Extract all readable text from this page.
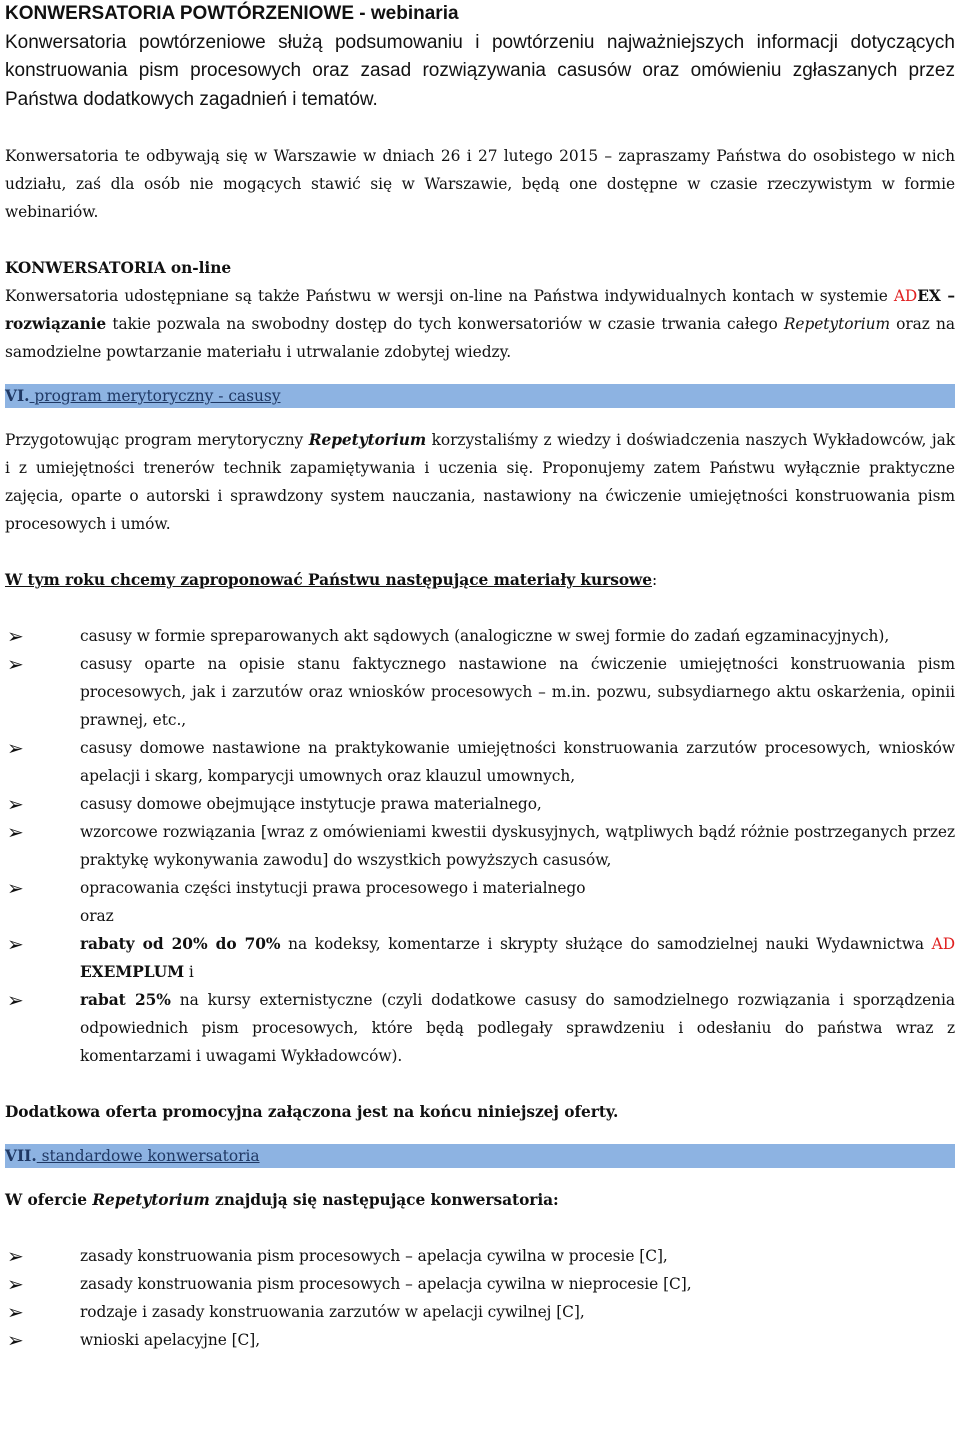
KONWERSATORIA POWTÓRZENIOWE - webinaria
Konwersatoria powtórzeniowe służą podsumowaniu i powtórzeniu najważniejszych informacji dotyczących konstruowania pism procesowych oraz zasad rozwiązywania casusów oraz omówieniu zgłaszanych przez Państwa dodatkowych zagadnień i tematów.
Konwersatoria te odbywają się w Warszawie w dniach 26 i 27 lutego 2015 – zapraszamy Państwa do osobistego w nich udziału, zaś dla osób nie mogących stawić się w Warszawie, będą one dostępne w czasie rzeczywistym w formie webinariów.
KONWERSATORIA on-line
Konwersatoria udostępniane są także Państwu w wersji on-line na Państwa indywidualnych kontach w systemie ADEX – rozwiązanie takie pozwala na swobodny dostęp do tych konwersatoriów w czasie trwania całego Repetytorium oraz na samodzielne powtarzanie materiału i utrwalanie zdobytej wiedzy.
VI. program merytoryczny - casusy
Przygotowując program merytoryczny Repetytorium korzystaliśmy z wiedzy i doświadczenia naszych Wykładowców, jak i z umiejętności trenerów technik zapamiętywania i uczenia się. Proponujemy zatem Państwu wyłącznie praktyczne zajęcia, oparte o autorski i sprawdzony system nauczania, nastawiony na ćwiczenie umiejętności konstruowania pism procesowych i umów.
W tym roku chcemy zaproponować Państwu następujące materiały kursowe:
➢	casusy w formie spreparowanych akt sądowych (analogiczne w swej formie do zadań egzaminacyjnych),
➢	casusy oparte na opisie stanu faktycznego nastawione na ćwiczenie umiejętności konstruowania pism procesowych, jak i zarzutów oraz wniosków procesowych – m.in. pozwu, subsydiarnego aktu oskarżenia, opinii prawnej, etc.,
➢	casusy domowe nastawione na praktykowanie umiejętności konstruowania zarzutów procesowych, wniosków apelacji i skarg, komparycji umownych oraz klauzul umownych,
➢	casusy domowe obejmujące instytucje prawa materialnego,
➢	wzorcowe rozwiązania [wraz z omówieniami kwestii dyskusyjnych, wątpliwych bądź różnie postrzeganych przez praktykę wykonywania zawodu] do wszystkich powyższych casusów,
➢	opracowania części instytucji prawa procesowego i materialnego
oraz
➢	rabaty od 20% do 70% na kodeksy, komentarze i skrypty służące do samodzielnej nauki Wydawnictwa AD EXEMPLUM i
➢	rabat 25% na kursy externistyczne (czyli dodatkowe casusy do samodzielnego rozwiązania i sporządzenia odpowiednich pism procesowych, które będą podlegały sprawdzeniu i odesłaniu do państwa wraz z komentarzami i uwagami Wykładowców).
Dodatkowa oferta promocyjna załączona jest na końcu niniejszej oferty.
VII. standardowe konwersatoria
W ofercie Repetytorium znajdują się następujące konwersatoria:
➢	zasady konstruowania pism procesowych – apelacja cywilna w procesie [C],
➢	zasady konstruowania pism procesowych – apelacja cywilna w nieprocesie [C],
➢	rodzaje i zasady konstruowania zarzutów w apelacji cywilnej [C],
➢	wnioski apelacyjne [C],
